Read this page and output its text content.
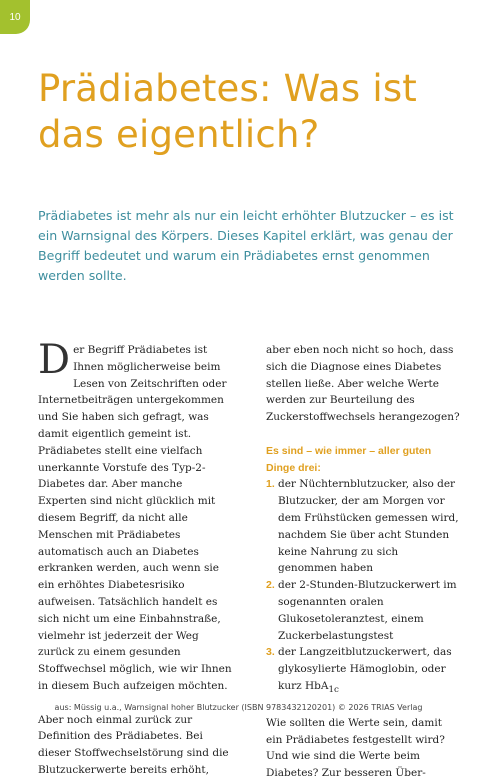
10
Prädiabetes: Was ist das eigentlich?

Prädiabetes ist mehr als nur ein leicht erhöhter Blutzucker – es ist ein Warnsignal des Körpers. Dieses Kapitel erklärt, was genau der Begriff bedeutet und warum ein Prädiabetes ernst genommen werden sollte.

Der Begriff Prädiabetes ist Ihnen möglicherweise beim Lesen von Zeitschriften oder Internetbeiträgen untergekommen und Sie haben sich gefragt, was damit eigentlich gemeint ist. Prädiabetes stellt eine vielfach unerkannte Vorstufe des Typ-2-Diabetes dar. Aber manche Experten sind nicht glücklich mit diesem Begriff, da nicht alle Menschen mit Prädiabetes automatisch auch an Diabetes erkranken werden, auch wenn sie ein erhöhtes Diabetesrisiko aufweisen. Tatsächlich handelt es sich nicht um eine Einbahnstraße, vielmehr ist jederzeit der Weg zurück zu einem gesunden Stoffwechsel möglich, wie wir Ihnen in diesem Buch aufzeigen möchten.

Aber noch einmal zurück zur Definition des Prädiabetes. Bei dieser Stoffwechselstörung sind die Blutzuckerwerte bereits erhöht,

aber eben noch nicht so hoch, dass sich die Diagnose eines Diabetes stellen ließe. Aber welche Werte werden zur Beurteilung des Zuckerstoffwechsels herangezogen?

Es sind – wie immer – aller guten Dinge drei:

1. der Nüchternblutzucker, also der Blutzucker, der am Morgen vor dem Frühstücken gemessen wird, nachdem Sie über acht Stunden keine Nahrung zu sich genommen haben
2. der 2-Stunden-Blutzuckerwert im sogenannten oralen Glukosetoleranztest, einem Zuckerbelastungstest
3. der Langzeitblutzuckerwert, das glykosylierte Hämoglobin, oder kurz HbA$_{1c}$

Wie sollten die Werte sein, damit ein Prädiabetes festgestellt wird? Und wie sind die Werte beim Diabetes? Zur besseren Über-

aus: Müssig u.a., Warnsignal hoher Blutzucker (ISBN 9783432120201) © 2026 TRIAS Verlag
